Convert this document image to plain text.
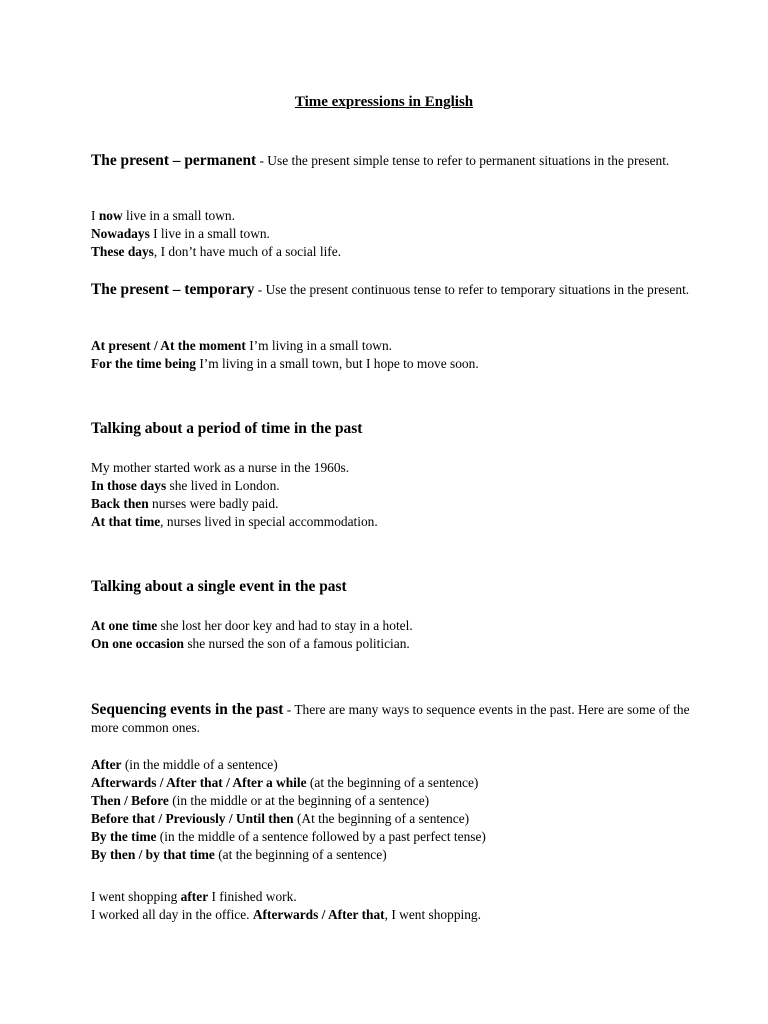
Time expressions in English
The present – permanent - Use the present simple tense to refer to permanent situations in the present.
I now live in a small town.
Nowadays I live in a small town.
These days, I don’t have much of a social life.
The present – temporary - Use the present continuous tense to refer to temporary situations in the present.
At present / At the moment I’m living in a small town.
For the time being I’m living in a small town, but I hope to move soon.
Talking about a period of time in the past
My mother started work as a nurse in the 1960s.
In those days she lived in London.
Back then nurses were badly paid.
At that time, nurses lived in special accommodation.
Talking about a single event in the past
At one time she lost her door key and had to stay in a hotel.
On one occasion she nursed the son of a famous politician.
Sequencing events in the past - There are many ways to sequence events in the past. Here are some of the more common ones.
After (in the middle of a sentence)
Afterwards / After that / After a while (at the beginning of a sentence)
Then / Before (in the middle or at the beginning of a sentence)
Before that / Previously / Until then (At the beginning of a sentence)
By the time (in the middle of a sentence followed by a past perfect tense)
By then / by that time (at the beginning of a sentence)
I went shopping after I finished work.
I worked all day in the office. Afterwards / After that, I went shopping.
